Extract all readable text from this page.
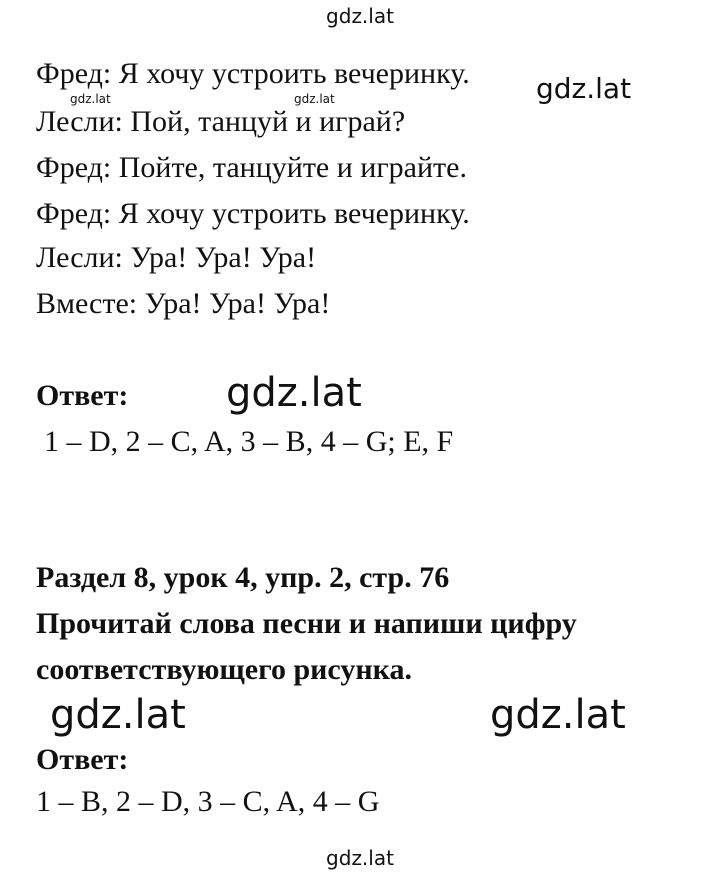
gdz.lat
gdz.lat
gdz.lat	gdz.lat
gdz.lat
gdz.lat	gdz.lat
gdz.lat
Фред: Я хочу устроить вечеринку.
Лесли: Пой, танцуй и играй?
Фред: Пойте, танцуйте и играйте.
Фред: Я хочу устроить вечеринку.
Лесли: Ура! Ура! Ура!
Вместе: Ура! Ура! Ура!
Ответ:
1 – D, 2 – C, A, 3 – B, 4 – G; E, F
Раздел 8, урок 4, упр. 2, стр. 76
Прочитай слова песни и напиши цифру
соответствующего рисунка.
Ответ:
1 – B, 2 – D, 3 – C, A, 4 – G
